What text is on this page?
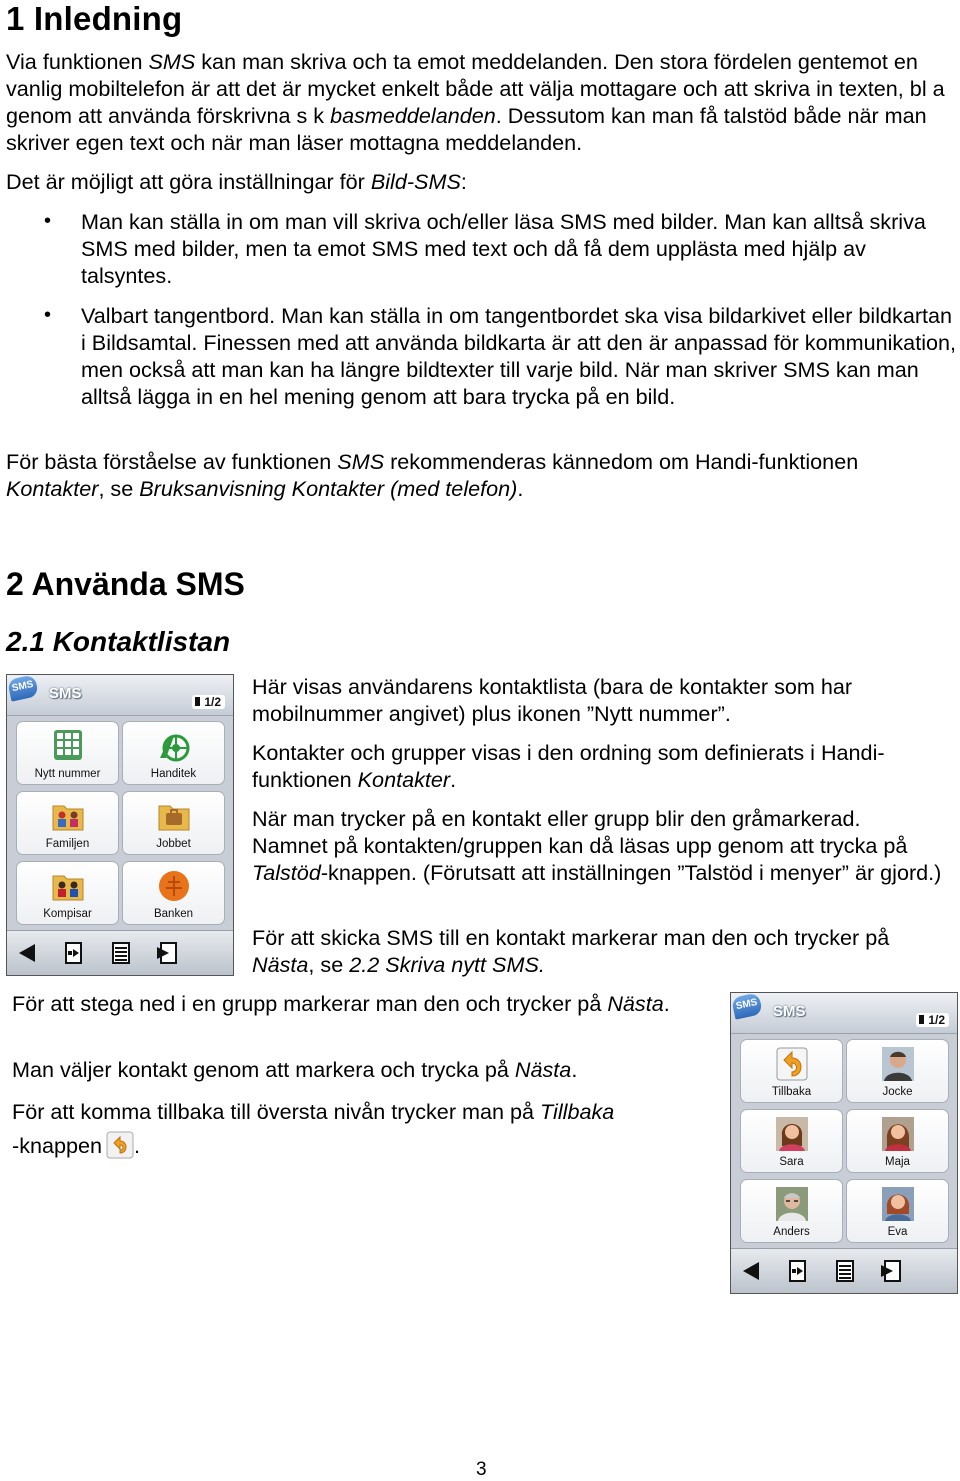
1 Inledning

Via funktionen SMS kan man skriva och ta emot meddelanden. Den stora fördelen gentemot en vanlig mobiltelefon är att det är mycket enkelt både att välja mottagare och att skriva in texten, bl a genom att använda förskrivna s k basmeddelanden. Dessutom kan man få talstöd både när man skriver egen text och när man läser mottagna meddelanden.

Det är möjligt att göra inställningar för Bild-SMS:

• Man kan ställa in om man vill skriva och/eller läsa SMS med bilder. Man kan alltså skriva SMS med bilder, men ta emot SMS med text och då få dem upplästa med hjälp av talsyntes.

• Valbart tangentbord. Man kan ställa in om tangentbordet ska visa bildarkivet eller bildkartan i Bildsamtal. Finessen med att använda bildkarta är att den är anpassad för kommunikation, men också att man kan ha längre bildtexter till varje bild. När man skriver SMS kan man alltså lägga in en hel mening genom att bara trycka på en bild.

För bästa förståelse av funktionen SMS rekommenderas kännedom om Handi-funktionen Kontakter, se Bruksanvisning Kontakter (med telefon).

2 Använda SMS
2.1 Kontaktlistan
SMS SMS	1/2
Nytt nummer	Handitek
Familjen	Jobbet
Kompisar	Banken

Här visas användarens kontaktlista (bara de kontakter som har mobilnummer angivet) plus ikonen ”Nytt nummer”.

Kontakter och grupper visas i den ordning som definierats i Handi-funktionen Kontakter.

När man trycker på en kontakt eller grupp blir den gråmarkerad. Namnet på kontakten/gruppen kan då läsas upp genom att trycka på Talstöd-knappen. (Förutsatt att inställningen ”Talstöd i menyer” är gjord.)

För att skicka SMS till en kontakt markerar man den och trycker på Nästa, se 2.2 Skriva nytt SMS.

För att stega ned i en grupp markerar man den och trycker på Nästa.

Man väljer kontakt genom att markera och trycka på Nästa.

För att komma tillbaka till översta nivån trycker man på Tillbaka
-knappen .

SMS SMS	1/2
Tillbaka	Jocke
Sara	Maja
Anders	Eva
3
